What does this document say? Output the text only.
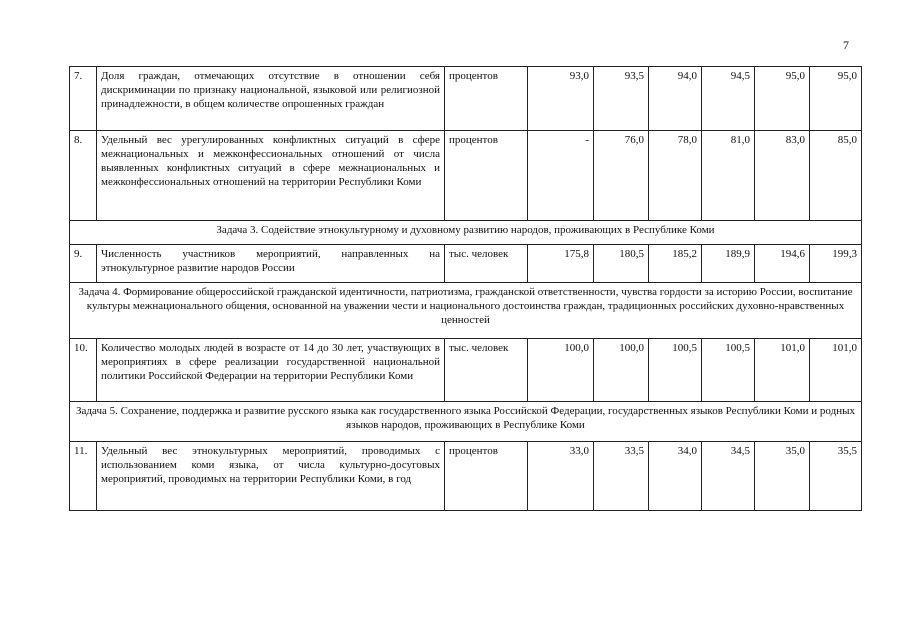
7
7.	Доля граждан, отмечающих отсутствие в отношении себя дискриминации по признаку национальной, языковой или религиозной принадлежности, в общем количестве опрошенных граждан	процентов	93,0	93,5	94,0	94,5	95,0	95,0
8.	Удельный вес урегулированных конфликтных ситуаций в сфере межнациональных и межконфессиональных отношений от числа выявленных конфликтных ситуаций в сфере межнациональных и межконфессиональных отношений на территории Республики Коми	процентов	-	76,0	78,0	81,0	83,0	85,0
Задача 3. Содействие этнокультурному и духовному развитию народов, проживающих в Республике Коми								
9.	Численность участников мероприятий, направленных на этнокультурное развитие народов России	тыс. человек	175,8	180,5	185,2	189,9	194,6	199,3
Задача 4. Формирование общероссийской гражданской идентичности, патриотизма, гражданской ответственности, чувства гордости за историю России, воспитание культуры межнационального общения, основанной на уважении чести и национального достоинства граждан, традиционных российских духовно-нравственных ценностей								
10.	Количество молодых людей в возрасте от 14 до 30 лет, участвующих в мероприятиях в сфере реализации государственной национальной политики Российской Федерации на территории Республики Коми	тыс. человек	100,0	100,0	100,5	100,5	101,0	101,0
Задача 5. Сохранение, поддержка и развитие русского языка как государственного языка Российской Федерации, государственных языков Республики Коми и родных языков народов, проживающих в Республике Коми								
11.	Удельный вес этнокультурных мероприятий, проводимых с использованием коми языка, от числа культурно-досуговых мероприятий, проводимых на территории Республики Коми, в год	процентов	33,0	33,5	34,0	34,5	35,0	35,5
